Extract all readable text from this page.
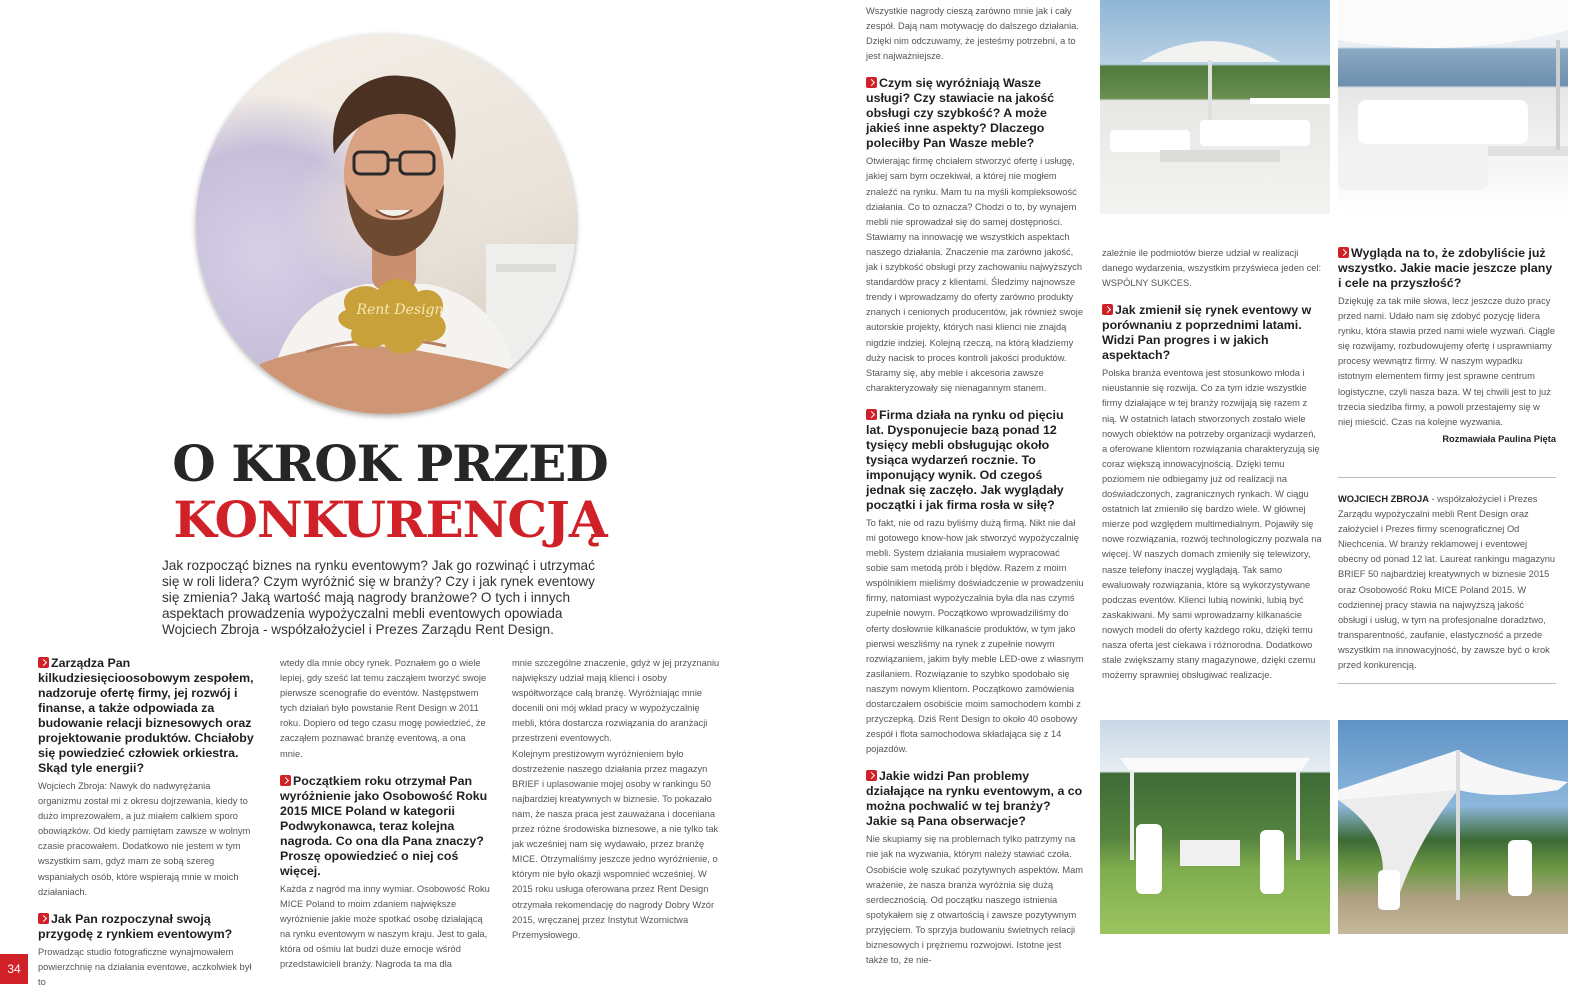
Rent Design
O KROK PRZED
KONKURENCJĄ
Jak rozpocząć biznes na rynku eventowym? Jak go rozwinąć i utrzymać się w roli lidera? Czym wyróżnić się w branży? Czy i jak rynek eventowy się zmienia? Jaką wartość mają nagrody branżowe? O tych i innych aspektach prowadzenia wypożyczalni mebli eventowych opowiada Wojciech Zbroja - współzałożyciel i Prezes Zarządu Rent Design.
Zarządza Pan kilkudziesięcioosobowym zespołem, nadzoruje ofertę firmy, jej rozwój i finanse, a także odpowiada za budowanie relacji biznesowych oraz projektowanie produktów. Chciałoby się powiedzieć człowiek orkiestra. Skąd tyle energii?

Wojciech Zbroja: Nawyk do nadwyrężania organizmu został mi z okresu dojrzewania, kiedy to dużo imprezowałem, a już miałem całkiem sporo obowiązków. Od kiedy pamiętam zawsze w wolnym czasie pracowałem. Dodatkowo nie jestem w tym wszystkim sam, gdyż mam ze sobą szereg wspaniałych osób, które wspierają mnie w moich działaniach.

Jak Pan rozpoczynał swoją przygodę z rynkiem eventowym?

Prowadząc studio fotograficzne wynajmowałem powierzchnię na działania eventowe, aczkolwiek był to

wtedy dla mnie obcy rynek. Poznałem go o wiele lepiej, gdy sześć lat temu zacząłem tworzyć swoje pierwsze scenografie do eventów. Następstwem tych działań było powstanie Rent Design w 2011 roku. Dopiero od tego czasu mogę powiedzieć, że zacząłem poznawać branżę eventową, a ona mnie.

Początkiem roku otrzymał Pan wyróżnienie jako Osobowość Roku 2015 MICE Poland w kategorii Podwykonawca, teraz kolejna nagroda. Co ona dla Pana znaczy? Proszę opowiedzieć o niej coś więcej.

Każda z nagród ma inny wymiar. Osobowość Roku MICE Poland to moim zdaniem największe wyróżnienie jakie może spotkać osobę działającą na rynku eventowym w naszym kraju. Jest to gala, która od ośmiu lat budzi duże emocje wśród przedstawicieli branży. Nagroda ta ma dla

mnie szczególne znaczenie, gdyż w jej przyznaniu największy udział mają klienci i osoby współtworzące całą branżę. Wyróżniając mnie docenili oni mój wkład pracy w wypożyczalnię mebli, która dostarcza rozwiązania do aranżacji przestrzeni eventowych.

Kolejnym prestiżowym wyróżnieniem było dostrzeżenie naszego działania przez magazyn BRIEF i uplasowanie mojej osoby w rankingu 50 najbardziej kreatywnych w biznesie. To pokazało nam, że nasza praca jest zauważana i doceniana przez różne środowiska biznesowe, a nie tylko tak jak wcześniej nam się wydawało, przez branżę MICE. Otrzymaliśmy jeszcze jedno wyróżnienie, o którym nie było okazji wspomnieć wcześniej. W 2015 roku usługa oferowana przez Rent Design otrzymała rekomendację do nagrody Dobry Wzór 2015, wręczanej przez Instytut Wzornictwa Przemysłowego.

34

Wszystkie nagrody cieszą zarówno mnie jak i cały zespół. Dają nam motywację do dalszego działania. Dzięki nim odczuwamy, że jesteśmy potrzebni, a to jest najważniejsze.

Czym się wyróżniają Wasze usługi? Czy stawiacie na jakość obsługi czy szybkość? A może jakieś inne aspekty? Dlaczego poleciłby Pan Wasze meble?

Otwierając firmę chciałem stworzyć ofertę i usługę, jakiej sam bym oczekiwał, a której nie mogłem znaleźć na rynku. Mam tu na myśli kompleksowość działania. Co to oznacza? Chodzi o to, by wynajem mebli nie sprowadzał się do samej dostępności. Stawiamy na innowację we wszystkich aspektach naszego działania. Znaczenie ma zarówno jakość, jak i szybkość obsługi przy zachowaniu najwyższych standardów pracy z klientami. Śledzimy najnowsze trendy i wprowadzamy do oferty zarówno produkty znanych i cenionych producentów, jak również swoje autorskie projekty, których nasi klienci nie znajdą nigdzie indziej. Kolejną rzeczą, na którą kładziemy duży nacisk to proces kontroli jakości produktów. Staramy się, aby meble i akcesoria zawsze charakteryzowały się nienagannym stanem.

Firma działa na rynku od pięciu lat. Dysponujecie bazą ponad 12 tysięcy mebli obsługując około tysiąca wydarzeń rocznie. To imponujący wynik. Od czegoś jednak się zaczęło. Jak wyglądały początki i jak firma rosła w siłę?

To fakt, nie od razu byliśmy dużą firmą. Nikt nie dał mi gotowego know-how jak stworzyć wypożyczalnię mebli. System działania musiałem wypracować sobie sam metodą prób i błędów. Razem z moim wspólnikiem mieliśmy doświadczenie w prowadzeniu firmy, natomiast wypożyczalnia była dla nas czymś zupełnie nowym. Początkowo wprowadziliśmy do oferty dosłownie kilkanaście produktów, w tym jako pierwsi weszliśmy na rynek z zupełnie nowym rozwiązaniem, jakim były meble LED-owe z własnym zasilaniem. Rozwiązanie to szybko spodobało się naszym nowym klientom. Początkowo zamówienia dostarczałem osobiście moim samochodem kombi z przyczepką. Dziś Rent Design to około 40 osobowy zespół i flota samochodowa składająca się z 14 pojazdów.

Jakie widzi Pan problemy działające na rynku eventowym, a co można pochwalić w tej branży? Jakie są Pana obserwacje?

Nie skupiamy się na problemach tylko patrzymy na nie jak na wyzwania, którym należy stawiać czoła. Osobiście wolę szukać pozytywnych aspektów. Mam wrażenie, że nasza branża wyróżnia się dużą serdecznością. Od początku naszego istnienia spotykałem się z otwartością i zawsze pozytywnym przyjęciem. To sprzyja budowaniu świetnych relacji biznesowych i prężnemu rozwojowi. Istotne jest także to, że nie-

zależnie ile podmiotów bierze udział w realizacji danego wydarzenia, wszystkim przyświeca jeden cel: WSPÓLNY SUKCES.

Jak zmienił się rynek eventowy w porównaniu z poprzednimi latami. Widzi Pan progres i w jakich aspektach?

Polska branża eventowa jest stosunkowo młoda i nieustannie się rozwija. Co za tym idzie wszystkie firmy działające w tej branży rozwijają się razem z nią. W ostatnich latach stworzonych zostało wiele nowych obiektów na potrzeby organizacji wydarzeń, a oferowane klientom rozwiązania charakteryzują się coraz większą innowacyjnością. Dzięki temu poziomem nie odbiegamy już od realizacji na doświadczonych, zagranicznych rynkach. W ciągu ostatnich lat zmieniło się bardzo wiele. W głównej mierze pod względem multimedialnym. Pojawiły się nowe rozwiązania, rozwój technologiczny pozwala na więcej. W naszych domach zmieniły się telewizory, nasze telefony inaczej wyglądają. Tak samo ewaluowały rozwiązania, które są wykorzystywane podczas eventów. Klienci lubią nowinki, lubią być zaskakiwani. My sami wprowadzamy kilkanaście nowych modeli do oferty każdego roku, dzięki temu nasza oferta jest ciekawa i różnorodna. Dodatkowo stale zwiększamy stany magazynowe, dzięki czemu możemy sprawniej obsługiwać realizacje.

Wygląda na to, że zdobyliście już wszystko. Jakie macie jeszcze plany i cele na przyszłość?

Dziękuję za tak miłe słowa, lecz jeszcze dużo pracy przed nami. Udało nam się zdobyć pozycję lidera rynku, która stawia przed nami wiele wyzwań. Ciągle się rozwijamy, rozbudowujemy ofertę i usprawniamy procesy wewnątrz firmy. W naszym wypadku istotnym elementem firmy jest sprawne centrum logistyczne, czyli nasza baza. W tej chwili jest to już trzecia siedziba firmy, a powoli przestajemy się w niej mieścić. Czas na kolejne wyzwania.

Rozmawiała Paulina Pięta

WOJCIECH ZBROJA - współzałożyciel i Prezes Zarządu wypożyczalni mebli Rent Design oraz założyciel i Prezes firmy scenograficznej Od Niechcenia. W branży reklamowej i eventowej obecny od ponad 12 lat. Laureat rankingu magazynu BRIEF 50 najbardziej kreatywnych w biznesie 2015 oraz Osobowość Roku MICE Poland 2015. W codziennej pracy stawia na najwyższą jakość obsługi i usług, w tym na profesjonalne doradztwo, transparentność, zaufanie, elastyczność a przede wszystkim na innowacyjność, by zawsze być o krok przed konkurencją.
